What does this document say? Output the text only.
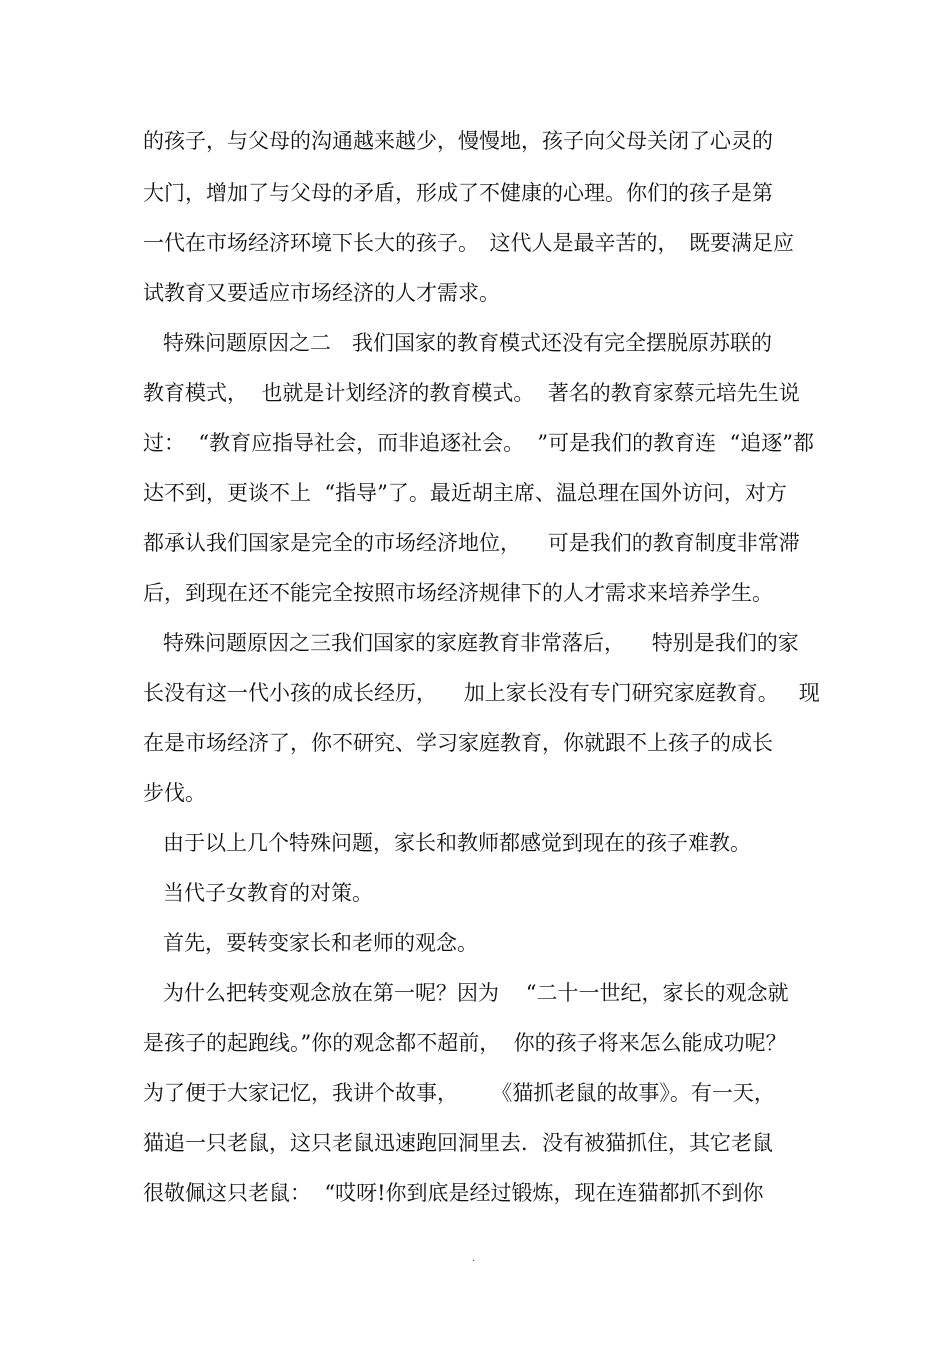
的孩子，与父母的沟通越来越少，慢慢地，孩子向父母关闭了心灵的
大门，增加了与父母的矛盾，形成了不健康的心理。你们的孩子是第
一代在市场经济环境下长大的孩子。　这代人是最辛苦的，　既要满足应
试教育又要适应市场经济的人才需求。
特殊问题原因之二　我们国家的教育模式还没有完全摆脱原苏联的
教育模式，  也就是计划经济的教育模式。  著名的教育家蔡元培先生说
过：  “教育应指导社会，而非追逐社会。  ”可是我们的教育连  “追逐”都
达不到，更谈不上  “指导”了。最近胡主席、温总理在国外访问，对方
都承认我们国家是完全的市场经济地位，    可是我们的教育制度非常滞
后，到现在还不能完全按照市场经济规律下的人才需求来培养学生。
特殊问题原因之三我们国家的家庭教育非常落后，    特别是我们的家
长没有这一代小孩的成长经历，    加上家长没有专门研究家庭教育。   现
在是市场经济了，你不研究、学习家庭教育，你就跟不上孩子的成长
步伐。
由于以上几个特殊问题，家长和教师都感觉到现在的孩子难教。
当代子女教育的对策。
首先，要转变家长和老师的观念。
为什么把转变观念放在第一呢？因为    “二十一世纪，家长的观念就
是孩子的起跑线。”你的观念都不超前，  你的孩子将来怎么能成功呢？
为了便于大家记忆，我讲个故事，     《猫抓老鼠的故事》。有一天，
猫追一只老鼠，这只老鼠迅速跑回洞里去．没有被猫抓住，其它老鼠
很敬佩这只老鼠：  “哎呀!你到底是经过锻炼，现在连猫都抓不到你
.
